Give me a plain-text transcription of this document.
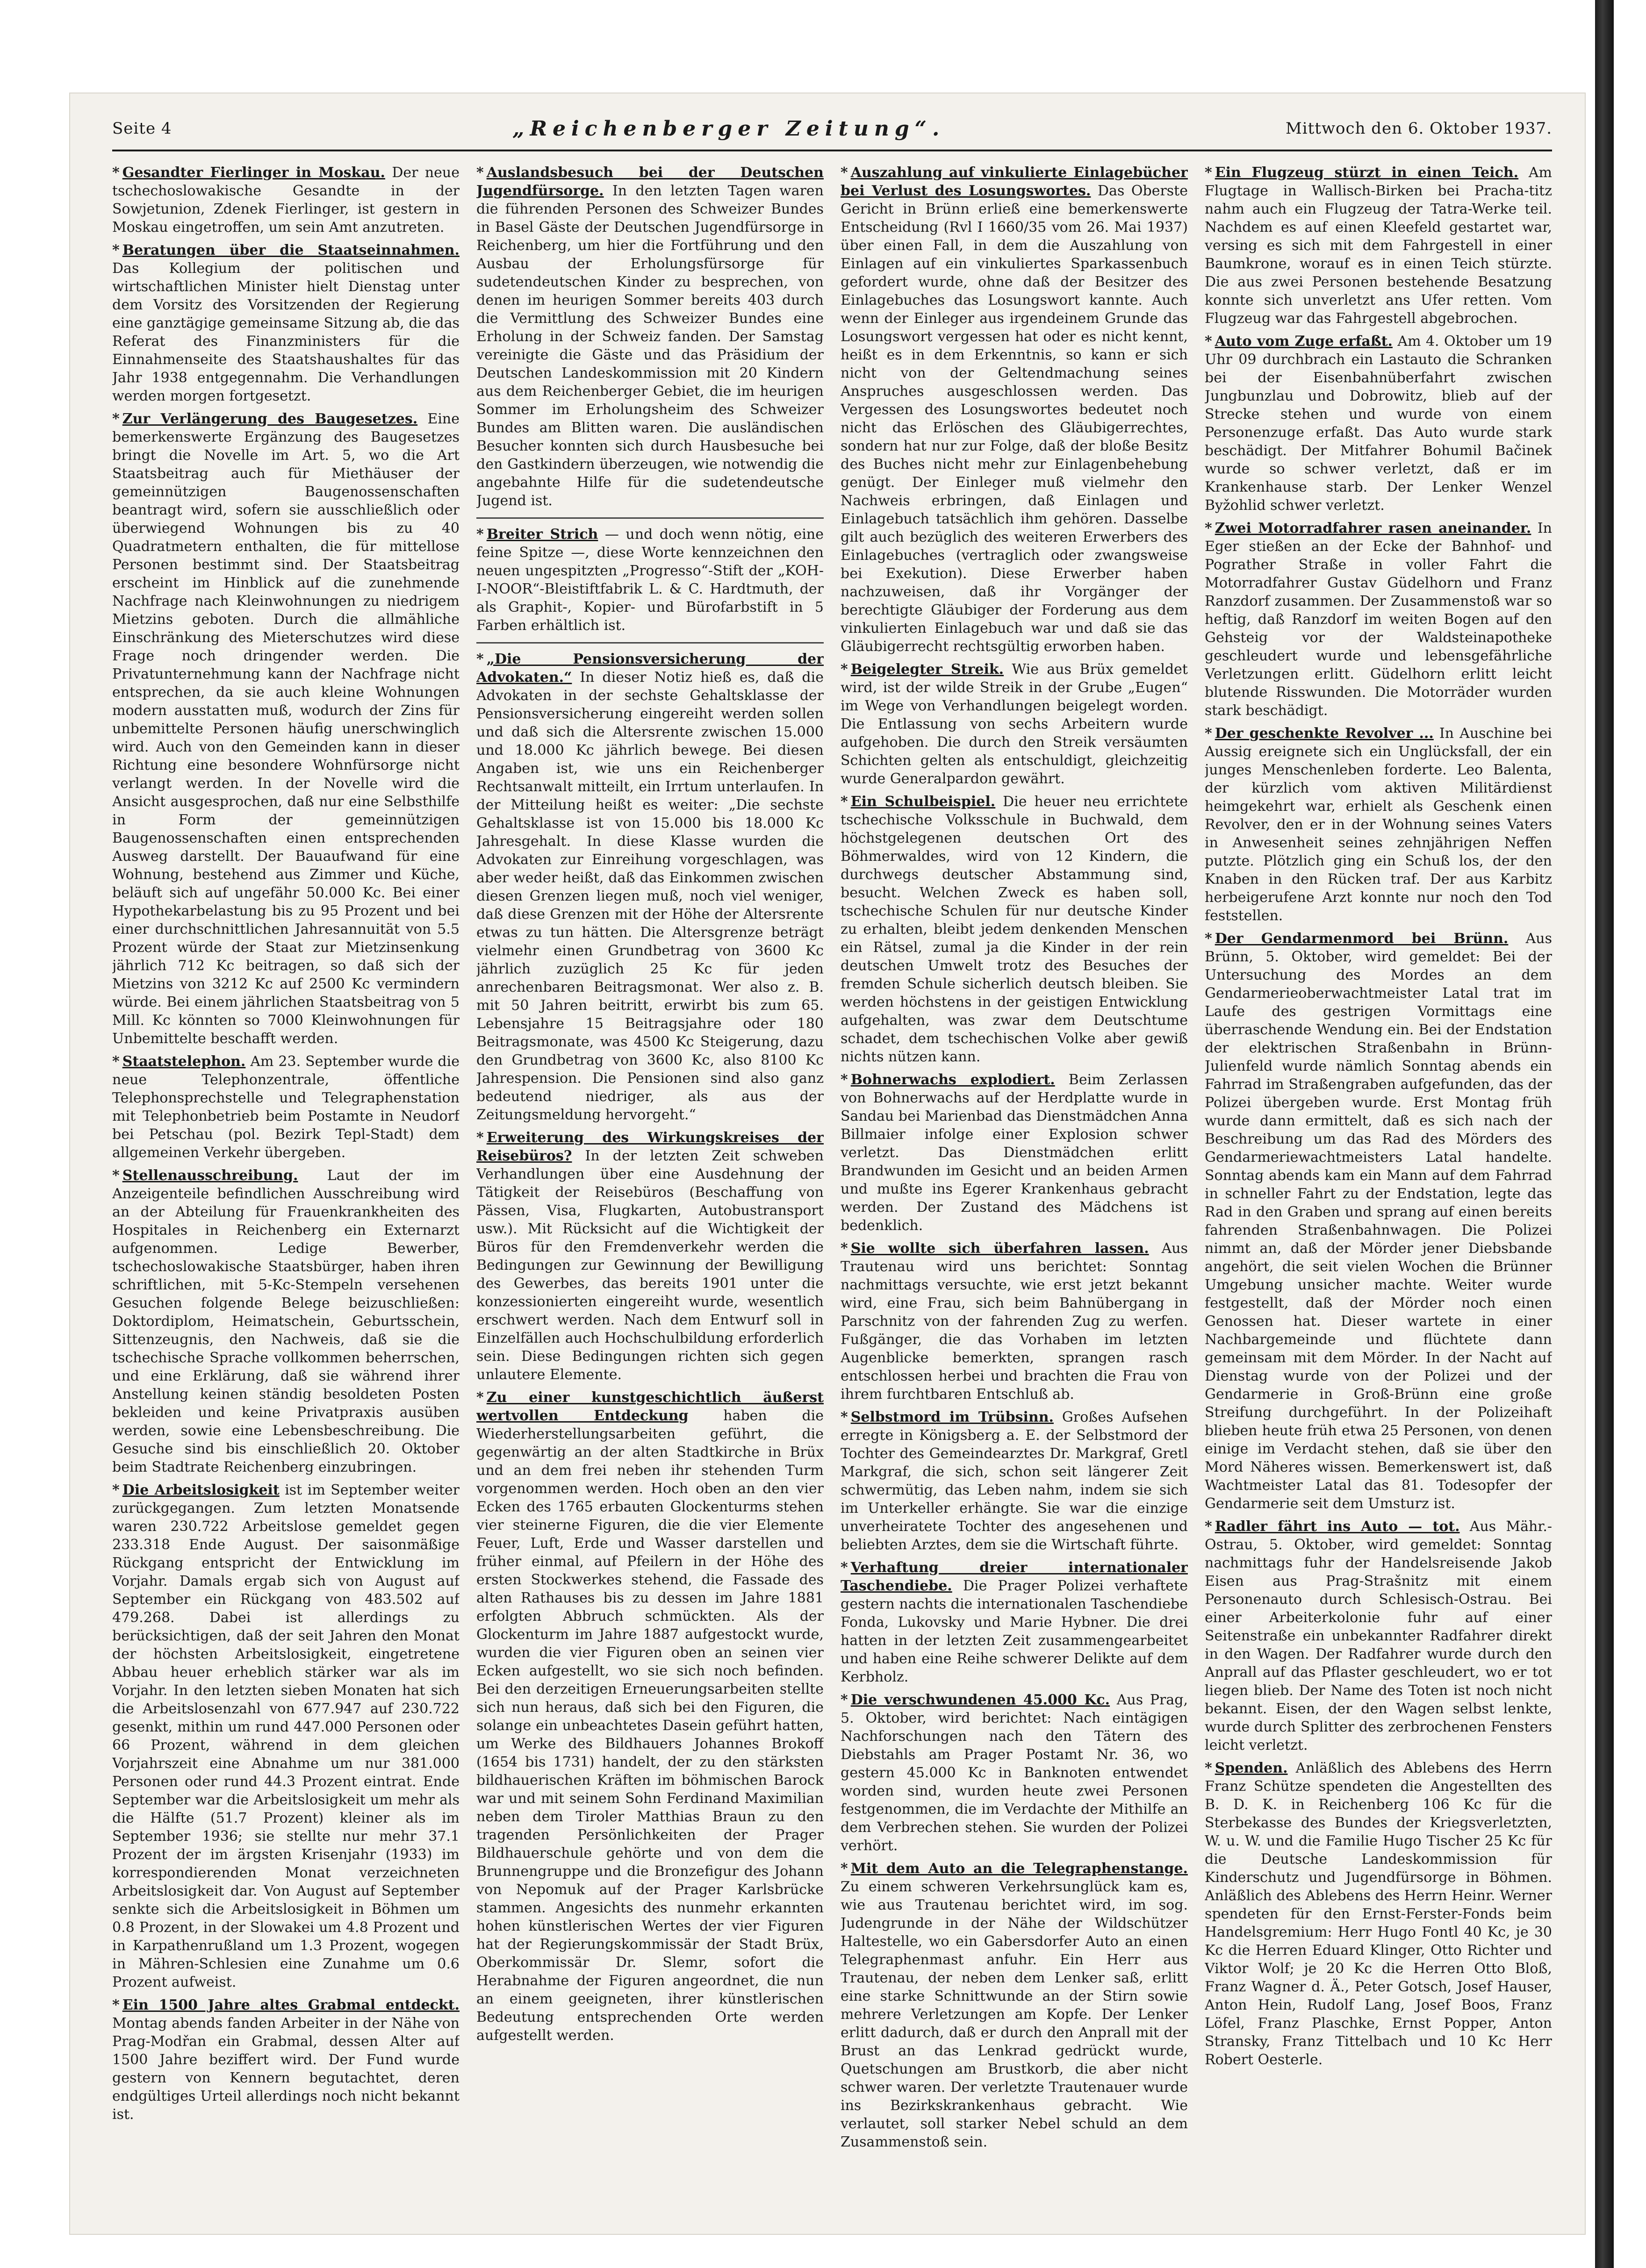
Seite 4	„Reichenberger Zeitung“.	Mittwoch den 6. Oktober 1937.
* Gesandter Fierlinger in Moskau. Der neue tschechoslowakische Gesandte in der Sowjetunion, Zdenek Fierlinger, ist gestern in Moskau eingetroffen, um sein Amt anzutreten.
* Beratungen über die Staatseinnahmen. Das Kollegium der politischen und wirtschaftlichen Minister hielt Dienstag unter dem Vorsitz des Vorsitzenden der Regierung eine ganztägige gemeinsame Sitzung ab, die das Referat des Finanzministers für die Einnahmenseite des Staatshaushaltes für das Jahr 1938 entgegennahm. Die Verhandlungen werden morgen fortgesetzt.
* Zur Verlängerung des Baugesetzes. Eine bemerkenswerte Ergänzung des Baugesetzes bringt die Novelle im Art. 5, wo die Art Staatsbeitrag auch für Miethäuser der gemeinnützigen Baugenossenschaften beantragt wird, sofern sie ausschließlich oder überwiegend Wohnungen bis zu 40 Quadratmetern enthalten, die für mittellose Personen bestimmt sind. Der Staatsbeitrag erscheint im Hinblick auf die zunehmende Nachfrage nach Kleinwohnungen zu niedrigem Mietzins geboten. Durch die allmähliche Einschränkung des Mieterschutzes wird diese Frage noch dringender werden. Die Privatunternehmung kann der Nachfrage nicht entsprechen, da sie auch kleine Wohnungen modern ausstatten muß, wodurch der Zins für unbemittelte Personen häufig unerschwinglich wird. Auch von den Gemeinden kann in dieser Richtung eine besondere Wohnfürsorge nicht verlangt werden. In der Novelle wird die Ansicht ausgesprochen, daß nur eine Selbsthilfe in Form der gemeinnützigen Baugenossenschaften einen entsprechenden Ausweg darstellt. Der Bauaufwand für eine Wohnung, bestehend aus Zimmer und Küche, beläuft sich auf ungefähr 50.000 Kc. Bei einer Hypothekarbelastung bis zu 95 Prozent und bei einer durchschnittlichen Jahresannuität von 5.5 Prozent würde der Staat zur Mietzinsenkung jährlich 712 Kc beitragen, so daß sich der Mietzins von 3212 Kc auf 2500 Kc vermindern würde. Bei einem jährlichen Staatsbeitrag von 5 Mill. Kc könnten so 7000 Kleinwohnungen für Unbemittelte beschafft werden.
* Staatstelephon. Am 23. September wurde die neue Telephonzentrale, öffentliche Telephonsprechstelle und Telegraphenstation mit Telephonbetrieb beim Postamte in Neudorf bei Petschau (pol. Bezirk Tepl-Stadt) dem allgemeinen Verkehr übergeben.
* Stellenausschreibung. Laut der im Anzeigenteile befindlichen Ausschreibung wird an der Abteilung für Frauenkrankheiten des Hospitales in Reichenberg ein Externarzt aufgenommen. Ledige Bewerber, tschechoslowakische Staatsbürger, haben ihren schriftlichen, mit 5-Kc-Stempeln versehenen Gesuchen folgende Belege beizuschließen: Doktordiplom, Heimatschein, Geburtsschein, Sittenzeugnis, den Nachweis, daß sie die tschechische Sprache vollkommen beherrschen, und eine Erklärung, daß sie während ihrer Anstellung keinen ständig besoldeten Posten bekleiden und keine Privatpraxis ausüben werden, sowie eine Lebensbeschreibung. Die Gesuche sind bis einschließlich 20. Oktober beim Stadtrate Reichenberg einzubringen.
* Die Arbeitslosigkeit ist im September weiter zurückgegangen. Zum letzten Monatsende waren 230.722 Arbeitslose gemeldet gegen 233.318 Ende August. Der saisonmäßige Rückgang entspricht der Entwicklung im Vorjahr. Damals ergab sich von August auf September ein Rückgang von 483.502 auf 479.268. Dabei ist allerdings zu berücksichtigen, daß der seit Jahren den Monat der höchsten Arbeitslosigkeit, eingetretene Abbau heuer erheblich stärker war als im Vorjahr. In den letzten sieben Monaten hat sich die Arbeitslosenzahl von 677.947 auf 230.722 gesenkt, mithin um rund 447.000 Personen oder 66 Prozent, während in dem gleichen Vorjahrszeit eine Abnahme um nur 381.000 Personen oder rund 44.3 Prozent eintrat. Ende September war die Arbeitslosigkeit um mehr als die Hälfte (51.7 Prozent) kleiner als im September 1936; sie stellte nur mehr 37.1 Prozent der im ärgsten Krisenjahr (1933) im korrespondierenden Monat verzeichneten Arbeitslosigkeit dar. Von August auf September senkte sich die Arbeitslosigkeit in Böhmen um 0.8 Prozent, in der Slowakei um 4.8 Prozent und in Karpathenrußland um 1.3 Prozent, wogegen in Mähren-Schlesien eine Zunahme um 0.6 Prozent aufweist.
* Ein 1500 Jahre altes Grabmal entdeckt. Montag abends fanden Arbeiter in der Nähe von Prag-Modřan ein Grabmal, dessen Alter auf 1500 Jahre beziffert wird. Der Fund wurde gestern von Kennern begutachtet, deren endgültiges Urteil allerdings noch nicht bekannt ist.
* Auslandsbesuch bei der Deutschen Jugendfürsorge. In den letzten Tagen waren die führenden Personen des Schweizer Bundes in Basel Gäste der Deutschen Jugendfürsorge in Reichenberg, um hier die Fortführung und den Ausbau der Erholungsfürsorge für sudetendeutschen Kinder zu besprechen, von denen im heurigen Sommer bereits 403 durch die Vermittlung des Schweizer Bundes eine Erholung in der Schweiz fanden. Der Samstag vereinigte die Gäste und das Präsidium der Deutschen Landeskommission mit 20 Kindern aus dem Reichenberger Gebiet, die im heurigen Sommer im Erholungsheim des Schweizer Bundes am Blitten waren. Die ausländischen Besucher konnten sich durch Hausbesuche bei den Gastkindern überzeugen, wie notwendig die angebahnte Hilfe für die sudetendeutsche Jugend ist.
* Breiter Strich — und doch wenn nötig, eine feine Spitze —, diese Worte kennzeichnen den neuen ungespitzten „Progresso“-Stift der „KOH-I-NOOR“-Bleistiftfabrik L. & C. Hardtmuth, der als Graphit-, Kopier- und Bürofarbstift in 5 Farben erhältlich ist.
* „Die Pensionsversicherung der Advokaten.“ In dieser Notiz hieß es, daß die Advokaten in der sechste Gehaltsklasse der Pensionsversicherung eingereiht werden sollen und daß sich die Altersrente zwischen 15.000 und 18.000 Kc jährlich bewege. Bei diesen Angaben ist, wie uns ein Reichenberger Rechtsanwalt mitteilt, ein Irrtum unterlaufen. In der Mitteilung heißt es weiter: „Die sechste Gehaltsklasse ist von 15.000 bis 18.000 Kc Jahresgehalt. In diese Klasse wurden die Advokaten zur Einreihung vorgeschlagen, was aber weder heißt, daß das Einkommen zwischen diesen Grenzen liegen muß, noch viel weniger, daß diese Grenzen mit der Höhe der Altersrente etwas zu tun hätten. Die Altersgrenze beträgt vielmehr einen Grundbetrag von 3600 Kc jährlich zuzüglich 25 Kc für jeden anrechenbaren Beitragsmonat. Wer also z. B. mit 50 Jahren beitritt, erwirbt bis zum 65. Lebensjahre 15 Beitragsjahre oder 180 Beitragsmonate, was 4500 Kc Steigerung, dazu den Grundbetrag von 3600 Kc, also 8100 Kc Jahrespension. Die Pensionen sind also ganz bedeutend niedriger, als aus der Zeitungsmeldung hervorgeht.“
* Erweiterung des Wirkungskreises der Reisebüros? In der letzten Zeit schweben Verhandlungen über eine Ausdehnung der Tätigkeit der Reisebüros (Beschaffung von Pässen, Visa, Flugkarten, Autobustransport usw.). Mit Rücksicht auf die Wichtigkeit der Büros für den Fremdenverkehr werden die Bedingungen zur Gewinnung der Bewilligung des Gewerbes, das bereits 1901 unter die konzessionierten eingereiht wurde, wesentlich erschwert werden. Nach dem Entwurf soll in Einzelfällen auch Hochschulbildung erforderlich sein. Diese Bedingungen richten sich gegen unlautere Elemente.
* Zu einer kunstgeschichtlich äußerst wertvollen Entdeckung haben die Wiederherstellungsarbeiten geführt, die gegenwärtig an der alten Stadtkirche in Brüx und an dem frei neben ihr stehenden Turm vorgenommen werden. Hoch oben an den vier Ecken des 1765 erbauten Glockenturms stehen vier steinerne Figuren, die die vier Elemente Feuer, Luft, Erde und Wasser darstellen und früher einmal, auf Pfeilern in der Höhe des ersten Stockwerkes stehend, die Fassade des alten Rathauses bis zu dessen im Jahre 1881 erfolgten Abbruch schmückten. Als der Glockenturm im Jahre 1887 aufgestockt wurde, wurden die vier Figuren oben an seinen vier Ecken aufgestellt, wo sie sich noch befinden. Bei den derzeitigen Erneuerungsarbeiten stellte sich nun heraus, daß sich bei den Figuren, die solange ein unbeachtetes Dasein geführt hatten, um Werke des Bildhauers Johannes Brokoff (1654 bis 1731) handelt, der zu den stärksten bildhauerischen Kräften im böhmischen Barock war und mit seinem Sohn Ferdinand Maximilian neben dem Tiroler Matthias Braun zu den tragenden Persönlichkeiten der Prager Bildhauerschule gehörte und von dem die Brunnengruppe und die Bronzefigur des Johann von Nepomuk auf der Prager Karlsbrücke stammen. Angesichts des nunmehr erkannten hohen künstlerischen Wertes der vier Figuren hat der Regierungskommissär der Stadt Brüx, Oberkommissär Dr. Slemr, sofort die Herabnahme der Figuren angeordnet, die nun an einem geeigneten, ihrer künstlerischen Bedeutung entsprechenden Orte werden aufgestellt werden.
* Auszahlung auf vinkulierte Einlagebücher bei Verlust des Losungswortes. Das Oberste Gericht in Brünn erließ eine bemerkenswerte Entscheidung (Rvl I 1660/35 vom 26. Mai 1937) über einen Fall, in dem die Auszahlung von Einlagen auf ein vinkuliertes Sparkassenbuch gefordert wurde, ohne daß der Besitzer des Einlagebuches das Losungswort kannte. Auch wenn der Einleger aus irgendeinem Grunde das Losungswort vergessen hat oder es nicht kennt, heißt es in dem Erkenntnis, so kann er sich nicht von der Geltendmachung seines Anspruches ausgeschlossen werden. Das Vergessen des Losungswortes bedeutet noch nicht das Erlöschen des Gläubigerrechtes, sondern hat nur zur Folge, daß der bloße Besitz des Buches nicht mehr zur Einlagenbehebung genügt. Der Einleger muß vielmehr den Nachweis erbringen, daß Einlagen und Einlagebuch tatsächlich ihm gehören. Dasselbe gilt auch bezüglich des weiteren Erwerbers des Einlagebuches (vertraglich oder zwangsweise bei Exekution). Diese Erwerber haben nachzuweisen, daß ihr Vorgänger der berechtigte Gläubiger der Forderung aus dem vinkulierten Einlagebuch war und daß sie das Gläubigerrecht rechtsgültig erworben haben.
* Beigelegter Streik. Wie aus Brüx gemeldet wird, ist der wilde Streik in der Grube „Eugen“ im Wege von Verhandlungen beigelegt worden. Die Entlassung von sechs Arbeitern wurde aufgehoben. Die durch den Streik versäumten Schichten gelten als entschuldigt, gleichzeitig wurde Generalpardon gewährt.
* Ein Schulbeispiel. Die heuer neu errichtete tschechische Volksschule in Buchwald, dem höchstgelegenen deutschen Ort des Böhmerwaldes, wird von 12 Kindern, die durchwegs deutscher Abstammung sind, besucht. Welchen Zweck es haben soll, tschechische Schulen für nur deutsche Kinder zu erhalten, bleibt jedem denkenden Menschen ein Rätsel, zumal ja die Kinder in der rein deutschen Umwelt trotz des Besuches der fremden Schule sicherlich deutsch bleiben. Sie werden höchstens in der geistigen Entwicklung aufgehalten, was zwar dem Deutschtume schadet, dem tschechischen Volke aber gewiß nichts nützen kann.
* Bohnerwachs explodiert. Beim Zerlassen von Bohnerwachs auf der Herdplatte wurde in Sandau bei Marienbad das Dienstmädchen Anna Billmaier infolge einer Explosion schwer verletzt. Das Dienstmädchen erlitt Brandwunden im Gesicht und an beiden Armen und mußte ins Egerer Krankenhaus gebracht werden. Der Zustand des Mädchens ist bedenklich.
* Sie wollte sich überfahren lassen. Aus Trautenau wird uns berichtet: Sonntag nachmittags versuchte, wie erst jetzt bekannt wird, eine Frau, sich beim Bahnübergang in Parschnitz von der fahrenden Zug zu werfen. Fußgänger, die das Vorhaben im letzten Augenblicke bemerkten, sprangen rasch entschlossen herbei und brachten die Frau von ihrem furchtbaren Entschluß ab.
* Selbstmord im Trübsinn. Großes Aufsehen erregte in Königsberg a. E. der Selbstmord der Tochter des Gemeindearztes Dr. Markgraf, Gretl Markgraf, die sich, schon seit längerer Zeit schwermütig, das Leben nahm, indem sie sich im Unterkeller erhängte. Sie war die einzige unverheiratete Tochter des angesehenen und beliebten Arztes, dem sie die Wirtschaft führte.
* Verhaftung dreier internationaler Taschendiebe. Die Prager Polizei verhaftete gestern nachts die internationalen Taschendiebe Fonda, Lukovsky und Marie Hybner. Die drei hatten in der letzten Zeit zusammengearbeitet und haben eine Reihe schwerer Delikte auf dem Kerbholz.
* Die verschwundenen 45.000 Kc. Aus Prag, 5. Oktober, wird berichtet: Nach eintägigen Nachforschungen nach den Tätern des Diebstahls am Prager Postamt Nr. 36, wo gestern 45.000 Kc in Banknoten entwendet worden sind, wurden heute zwei Personen festgenommen, die im Verdachte der Mithilfe an dem Verbrechen stehen. Sie wurden der Polizei verhört.
* Mit dem Auto an die Telegraphenstange. Zu einem schweren Verkehrsunglück kam es, wie aus Trautenau berichtet wird, im sog. Judengrunde in der Nähe der Wildschützer Haltestelle, wo ein Gabersdorfer Auto an einen Telegraphenmast anfuhr. Ein Herr aus Trautenau, der neben dem Lenker saß, erlitt eine starke Schnittwunde an der Stirn sowie mehrere Verletzungen am Kopfe. Der Lenker erlitt dadurch, daß er durch den Anprall mit der Brust an das Lenkrad gedrückt wurde, Quetschungen am Brustkorb, die aber nicht schwer waren. Der verletzte Trautenauer wurde ins Bezirkskrankenhaus gebracht. Wie verlautet, soll starker Nebel schuld an dem Zusammenstoß sein.
* Ein Flugzeug stürzt in einen Teich. Am Flugtage in Wallisch-Birken bei Pracha-titz nahm auch ein Flugzeug der Tatra-Werke teil. Nachdem es auf einen Kleefeld gestartet war, versing es sich mit dem Fahrgestell in einer Baumkrone, worauf es in einen Teich stürzte. Die aus zwei Personen bestehende Besatzung konnte sich unverletzt ans Ufer retten. Vom Flugzeug war das Fahrgestell abgebrochen.
* Auto vom Zuge erfaßt. Am 4. Oktober um 19 Uhr 09 durchbrach ein Lastauto die Schranken bei der Eisenbahnüberfahrt zwischen Jungbunzlau und Dobrowitz, blieb auf der Strecke stehen und wurde von einem Personenzuge erfaßt. Das Auto wurde stark beschädigt. Der Mitfahrer Bohumil Bačinek wurde so schwer verletzt, daß er im Krankenhause starb. Der Lenker Wenzel Byžohlid schwer verletzt.
* Zwei Motorradfahrer rasen aneinander. In Eger stießen an der Ecke der Bahnhof- und Pograther Straße in voller Fahrt die Motorradfahrer Gustav Güdelhorn und Franz Ranzdorf zusammen. Der Zusammenstoß war so heftig, daß Ranzdorf im weiten Bogen auf den Gehsteig vor der Waldsteinapotheke geschleudert wurde und lebensgefährliche Verletzungen erlitt. Güdelhorn erlitt leicht blutende Risswunden. Die Motorräder wurden stark beschädigt.
* Der geschenkte Revolver ... In Auschine bei Aussig ereignete sich ein Unglücksfall, der ein junges Menschenleben forderte. Leo Balenta, der kürzlich vom aktiven Militärdienst heimgekehrt war, erhielt als Geschenk einen Revolver, den er in der Wohnung seines Vaters in Anwesenheit seines zehnjährigen Neffen putzte. Plötzlich ging ein Schuß los, der den Knaben in den Rücken traf. Der aus Karbitz herbeigerufene Arzt konnte nur noch den Tod feststellen.
* Der Gendarmenmord bei Brünn. Aus Brünn, 5. Oktober, wird gemeldet: Bei der Untersuchung des Mordes an dem Gendarmerieoberwachtmeister Latal trat im Laufe des gestrigen Vormittags eine überraschende Wendung ein. Bei der Endstation der elektrischen Straßenbahn in Brünn-Julienfeld wurde nämlich Sonntag abends ein Fahrrad im Straßengraben aufgefunden, das der Polizei übergeben wurde. Erst Montag früh wurde dann ermittelt, daß es sich nach der Beschreibung um das Rad des Mörders des Gendarmeriewachtmeisters Latal handelte. Sonntag abends kam ein Mann auf dem Fahrrad in schneller Fahrt zu der Endstation, legte das Rad in den Graben und sprang auf einen bereits fahrenden Straßenbahnwagen. Die Polizei nimmt an, daß der Mörder jener Diebsbande angehört, die seit vielen Wochen die Brünner Umgebung unsicher machte. Weiter wurde festgestellt, daß der Mörder noch einen Genossen hat. Dieser wartete in einer Nachbargemeinde und flüchtete dann gemeinsam mit dem Mörder. In der Nacht auf Dienstag wurde von der Polizei und der Gendarmerie in Groß-Brünn eine große Streifung durchgeführt. In der Polizeihaft blieben heute früh etwa 25 Personen, von denen einige im Verdacht stehen, daß sie über den Mord Näheres wissen. Bemerkenswert ist, daß Wachtmeister Latal das 81. Todesopfer der Gendarmerie seit dem Umsturz ist.
* Radler fährt ins Auto — tot. Aus Mähr.-Ostrau, 5. Oktober, wird gemeldet: Sonntag nachmittags fuhr der Handelsreisende Jakob Eisen aus Prag-Strašnitz mit einem Personenauto durch Schlesisch-Ostrau. Bei einer Arbeiterkolonie fuhr auf einer Seitenstraße ein unbekannter Radfahrer direkt in den Wagen. Der Radfahrer wurde durch den Anprall auf das Pflaster geschleudert, wo er tot liegen blieb. Der Name des Toten ist noch nicht bekannt. Eisen, der den Wagen selbst lenkte, wurde durch Splitter des zerbrochenen Fensters leicht verletzt.
* Spenden. Anläßlich des Ablebens des Herrn Franz Schütze spendeten die Angestellten des B. D. K. in Reichenberg 106 Kc für die Sterbekasse des Bundes der Kriegsverletzten, W. u. W. und die Familie Hugo Tischer 25 Kc für die Deutsche Landeskommission für Kinderschutz und Jugendfürsorge in Böhmen. Anläßlich des Ablebens des Herrn Heinr. Werner spendeten für den Ernst-Ferster-Fonds beim Handelsgremium: Herr Hugo Fontl 40 Kc, je 30 Kc die Herren Eduard Klinger, Otto Richter und Viktor Wolf; je 20 Kc die Herren Otto Bloß, Franz Wagner d. Ä., Peter Gotsch, Josef Hauser, Anton Hein, Rudolf Lang, Josef Boos, Franz Löfel, Franz Plaschke, Ernst Popper, Anton Stransky, Franz Tittelbach und 10 Kc Herr Robert Oesterle.
